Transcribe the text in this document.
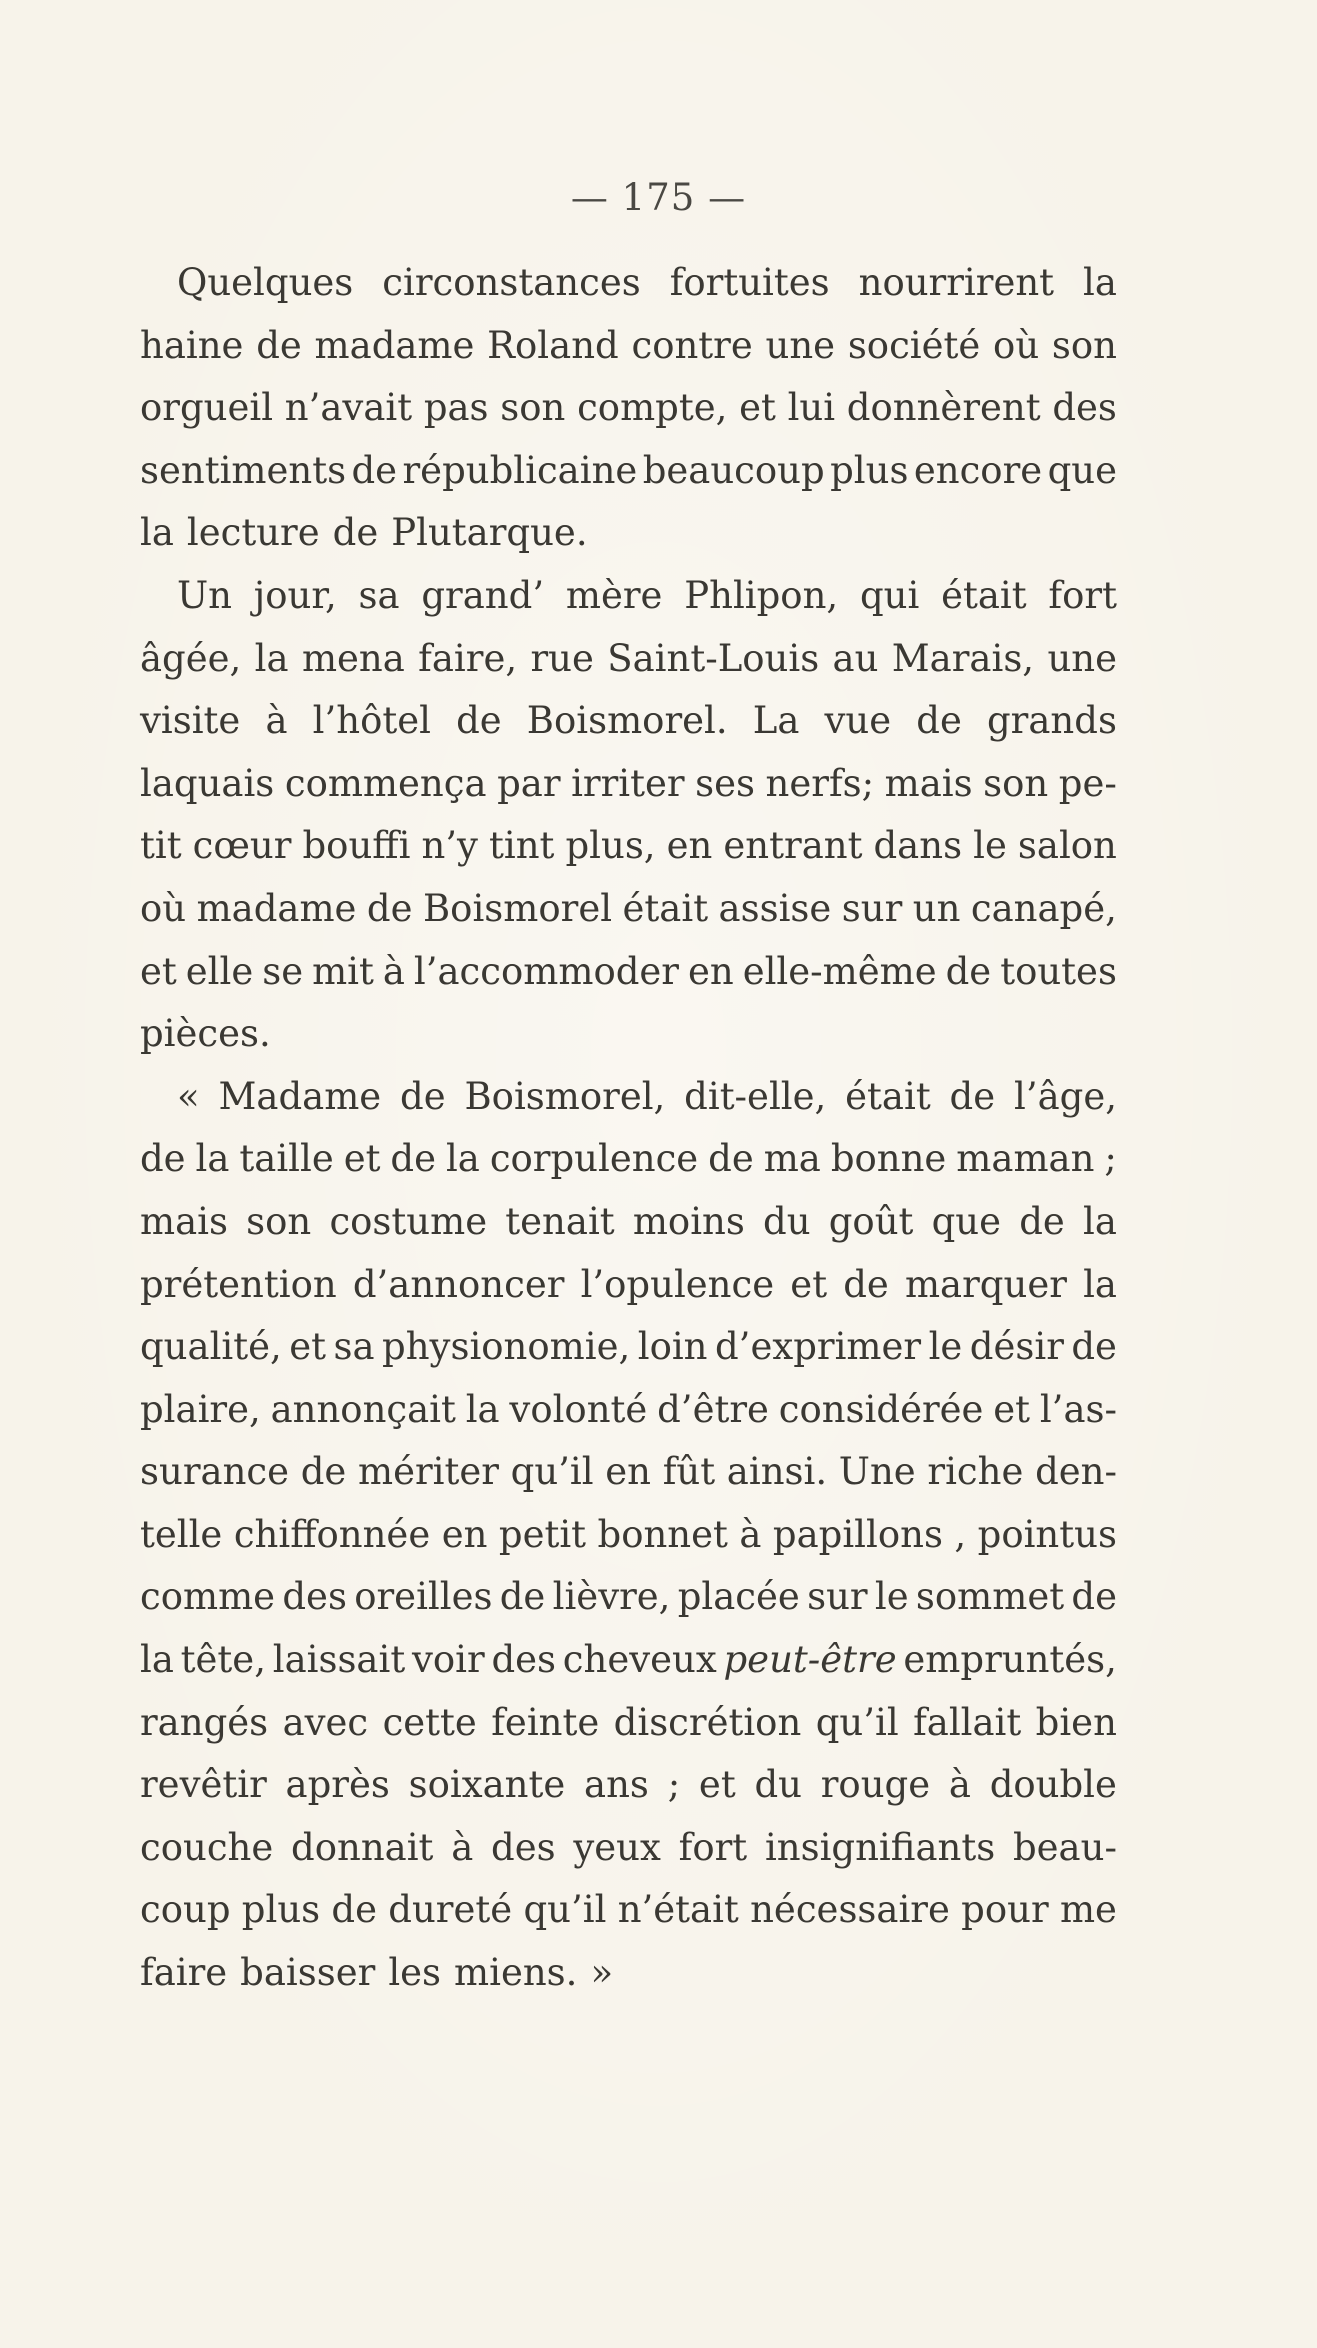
— 175 —
Quelques circonstances fortuites nourrirent la
haine de madame Roland contre une société où son
orgueil n’avait pas son compte, et lui donnèrent des
sentiments de républicaine beaucoup plus encore que
la lecture de Plutarque.
Un jour, sa grand’ mère Phlipon, qui était fort
âgée, la mena faire, rue Saint-Louis au Marais, une
visite à l’hôtel de Boismorel. La vue de grands
laquais commença par irriter ses nerfs; mais son pe-
tit cœur bouffi n’y tint plus, en entrant dans le salon
où madame de Boismorel était assise sur un canapé,
et elle se mit à l’accommoder en elle-même de toutes
pièces.
« Madame de Boismorel, dit-elle, était de l’âge,
de la taille et de la corpulence de ma bonne maman ;
mais son costume tenait moins du goût que de la
prétention d’annoncer l’opulence et de marquer la
qualité, et sa physionomie, loin d’exprimer le désir de
plaire, annonçait la volonté d’être considérée et l’as-
surance de mériter qu’il en fût ainsi. Une riche den-
telle chiffonnée en petit bonnet à papillons , pointus
comme des oreilles de lièvre, placée sur le sommet de
la tête, laissait voir des cheveux peut-être empruntés,
rangés avec cette feinte discrétion qu’il fallait bien
revêtir après soixante ans ; et du rouge à double
couche donnait à des yeux fort insignifiants beau-
coup plus de dureté qu’il n’était nécessaire pour me
faire baisser les miens. »
